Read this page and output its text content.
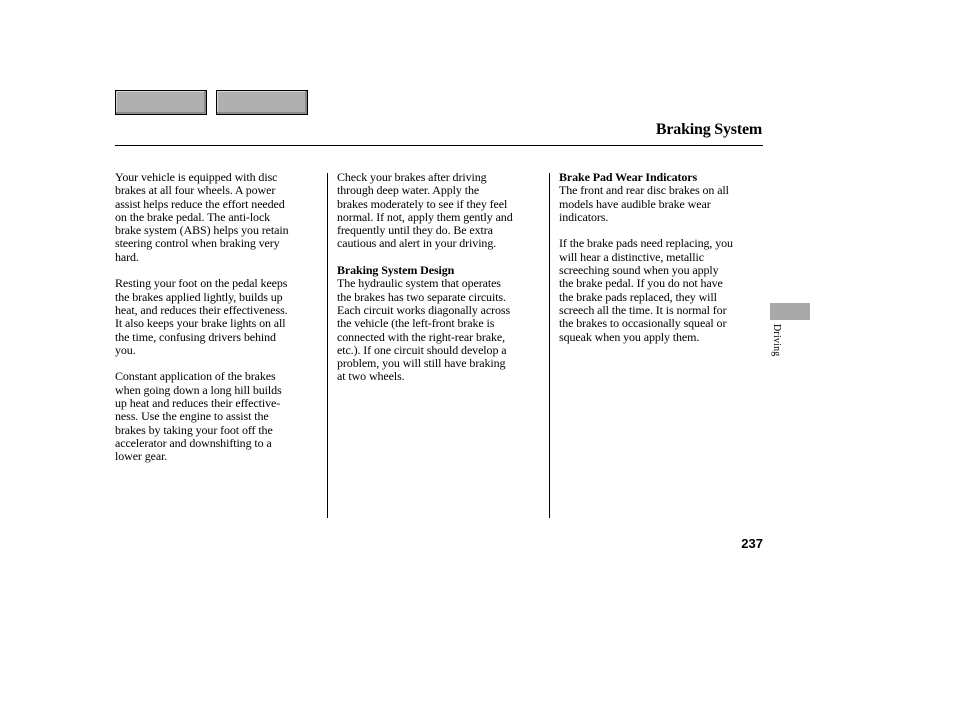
Braking System

Your vehicle is equipped with disc
brakes at all four wheels. A power
assist helps reduce the effort needed
on the brake pedal. The anti-lock
brake system (ABS) helps you retain
steering control when braking very
hard.

Resting your foot on the pedal keeps
the brakes applied lightly, builds up
heat, and reduces their effectiveness.
It also keeps your brake lights on all
the time, confusing drivers behind
you.

Constant application of the brakes
when going down a long hill builds
up heat and reduces their effective-
ness. Use the engine to assist the
brakes by taking your foot off the
accelerator and downshifting to a
lower gear.

Check your brakes after driving
through deep water. Apply the
brakes moderately to see if they feel
normal. If not, apply them gently and
frequently until they do. Be extra
cautious and alert in your driving.

Braking System Design
The hydraulic system that operates
the brakes has two separate circuits.
Each circuit works diagonally across
the vehicle (the left-front brake is
connected with the right-rear brake,
etc.). If one circuit should develop a
problem, you will still have braking
at two wheels.

Brake Pad Wear Indicators
The front and rear disc brakes on all
models have audible brake wear
indicators.

If the brake pads need replacing, you
will hear a distinctive, metallic
screeching sound when you apply
the brake pedal. If you do not have
the brake pads replaced, they will
screech all the time. It is normal for
the brakes to occasionally squeal or
squeak when you apply them.	Driving
237
